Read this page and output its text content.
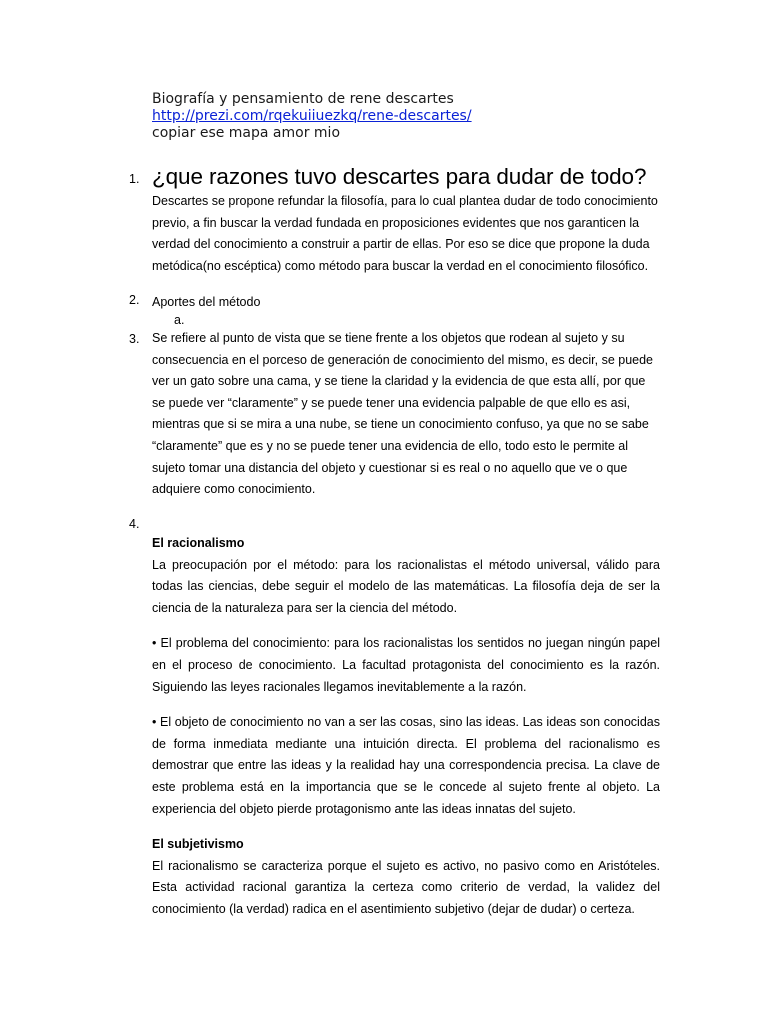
Biografía y pensamiento de rene descartes
http://prezi.com/rqekuiiuezkq/rene-descartes/
copiar ese mapa amor mio
1. ¿que razones tuvo descartes para dudar de todo?
Descartes se propone refundar la filosofía, para lo cual plantea dudar de todo conocimiento
previo, a fin buscar la verdad fundada en proposiciones evidentes que nos garanticen la
verdad del conocimiento a construir a partir de ellas. Por eso se dice que propone la duda
metódica(no escéptica) como método para buscar la verdad en el conocimiento filosófico.
2. Aportes del método
a.
3. Se refiere al punto de vista que se tiene frente a los objetos que rodean al sujeto y su
consecuencia en el porceso de generación de conocimiento del mismo, es decir, se puede
ver un gato sobre una cama, y se tiene la claridad y la evidencia de que esta allí, por que
se puede ver “claramente” y se puede tener una evidencia palpable de que ello es asi,
mientras que si se mira a una nube, se tiene un conocimiento confuso, ya que no se sabe
“claramente” que es y no se puede tener una evidencia de ello, todo esto le permite al
sujeto tomar una distancia del objeto y cuestionar si es real o no aquello que ve o que
adquiere como conocimiento.
4.

El racionalismo

La preocupación por el método: para los racionalistas el método universal, válido para todas las ciencias, debe seguir el modelo de las matemáticas. La filosofía deja de ser la ciencia de la naturaleza para ser la ciencia del método.

• El problema del conocimiento: para los racionalistas los sentidos no juegan ningún papel en el proceso de conocimiento. La facultad protagonista del conocimiento es la razón. Siguiendo las leyes racionales llegamos inevitablemente a la razón.

• El objeto de conocimiento no van a ser las cosas, sino las ideas. Las ideas son conocidas de forma inmediata mediante una intuición directa. El problema del racionalismo es demostrar que entre las ideas y la realidad hay una correspondencia precisa. La clave de este problema está en la importancia que se le concede al sujeto frente al objeto. La experiencia del objeto pierde protagonismo ante las ideas innatas del sujeto.

El subjetivismo

El racionalismo se caracteriza porque el sujeto es activo, no pasivo como en Aristóteles. Esta actividad racional garantiza la certeza como criterio de verdad, la validez del conocimiento (la verdad) radica en el asentimiento subjetivo (dejar de dudar) o certeza.
